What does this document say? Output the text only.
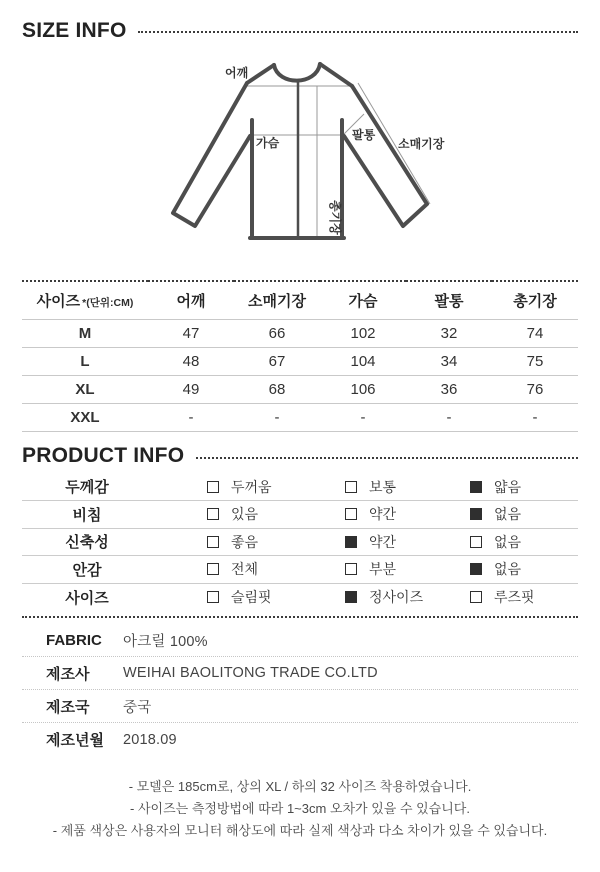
SIZE INFO
어깨
가슴
팔통
소매기장
총기장
사이즈 *(단위:CM)	어깨	소매기장	가슴	팔통	총기장
M	47	66	102	32	74
L	48	67	104	34	75
XL	49	68	106	36	76
XXL	-	-	-	-	-
PRODUCT INFO
두께감	두꺼움	보통	얇음
비침	있음	약간	없음
신축성	좋음	약간	없음
안감	전체	부분	없음
사이즈	슬림핏	정사이즈	루즈핏
FABRIC	아크릴 100%
제조사	WEIHAI BAOLITONG TRADE CO.LTD
제조국	중국
제조년월	2018.09
- 모델은 185cm로, 상의 XL / 하의 32 사이즈 착용하였습니다.
- 사이즈는 측정방법에 따라 1~3cm 오차가 있을 수 있습니다.
- 제품 색상은 사용자의 모니터 해상도에 따라 실제 색상과 다소 차이가 있을 수 있습니다.
